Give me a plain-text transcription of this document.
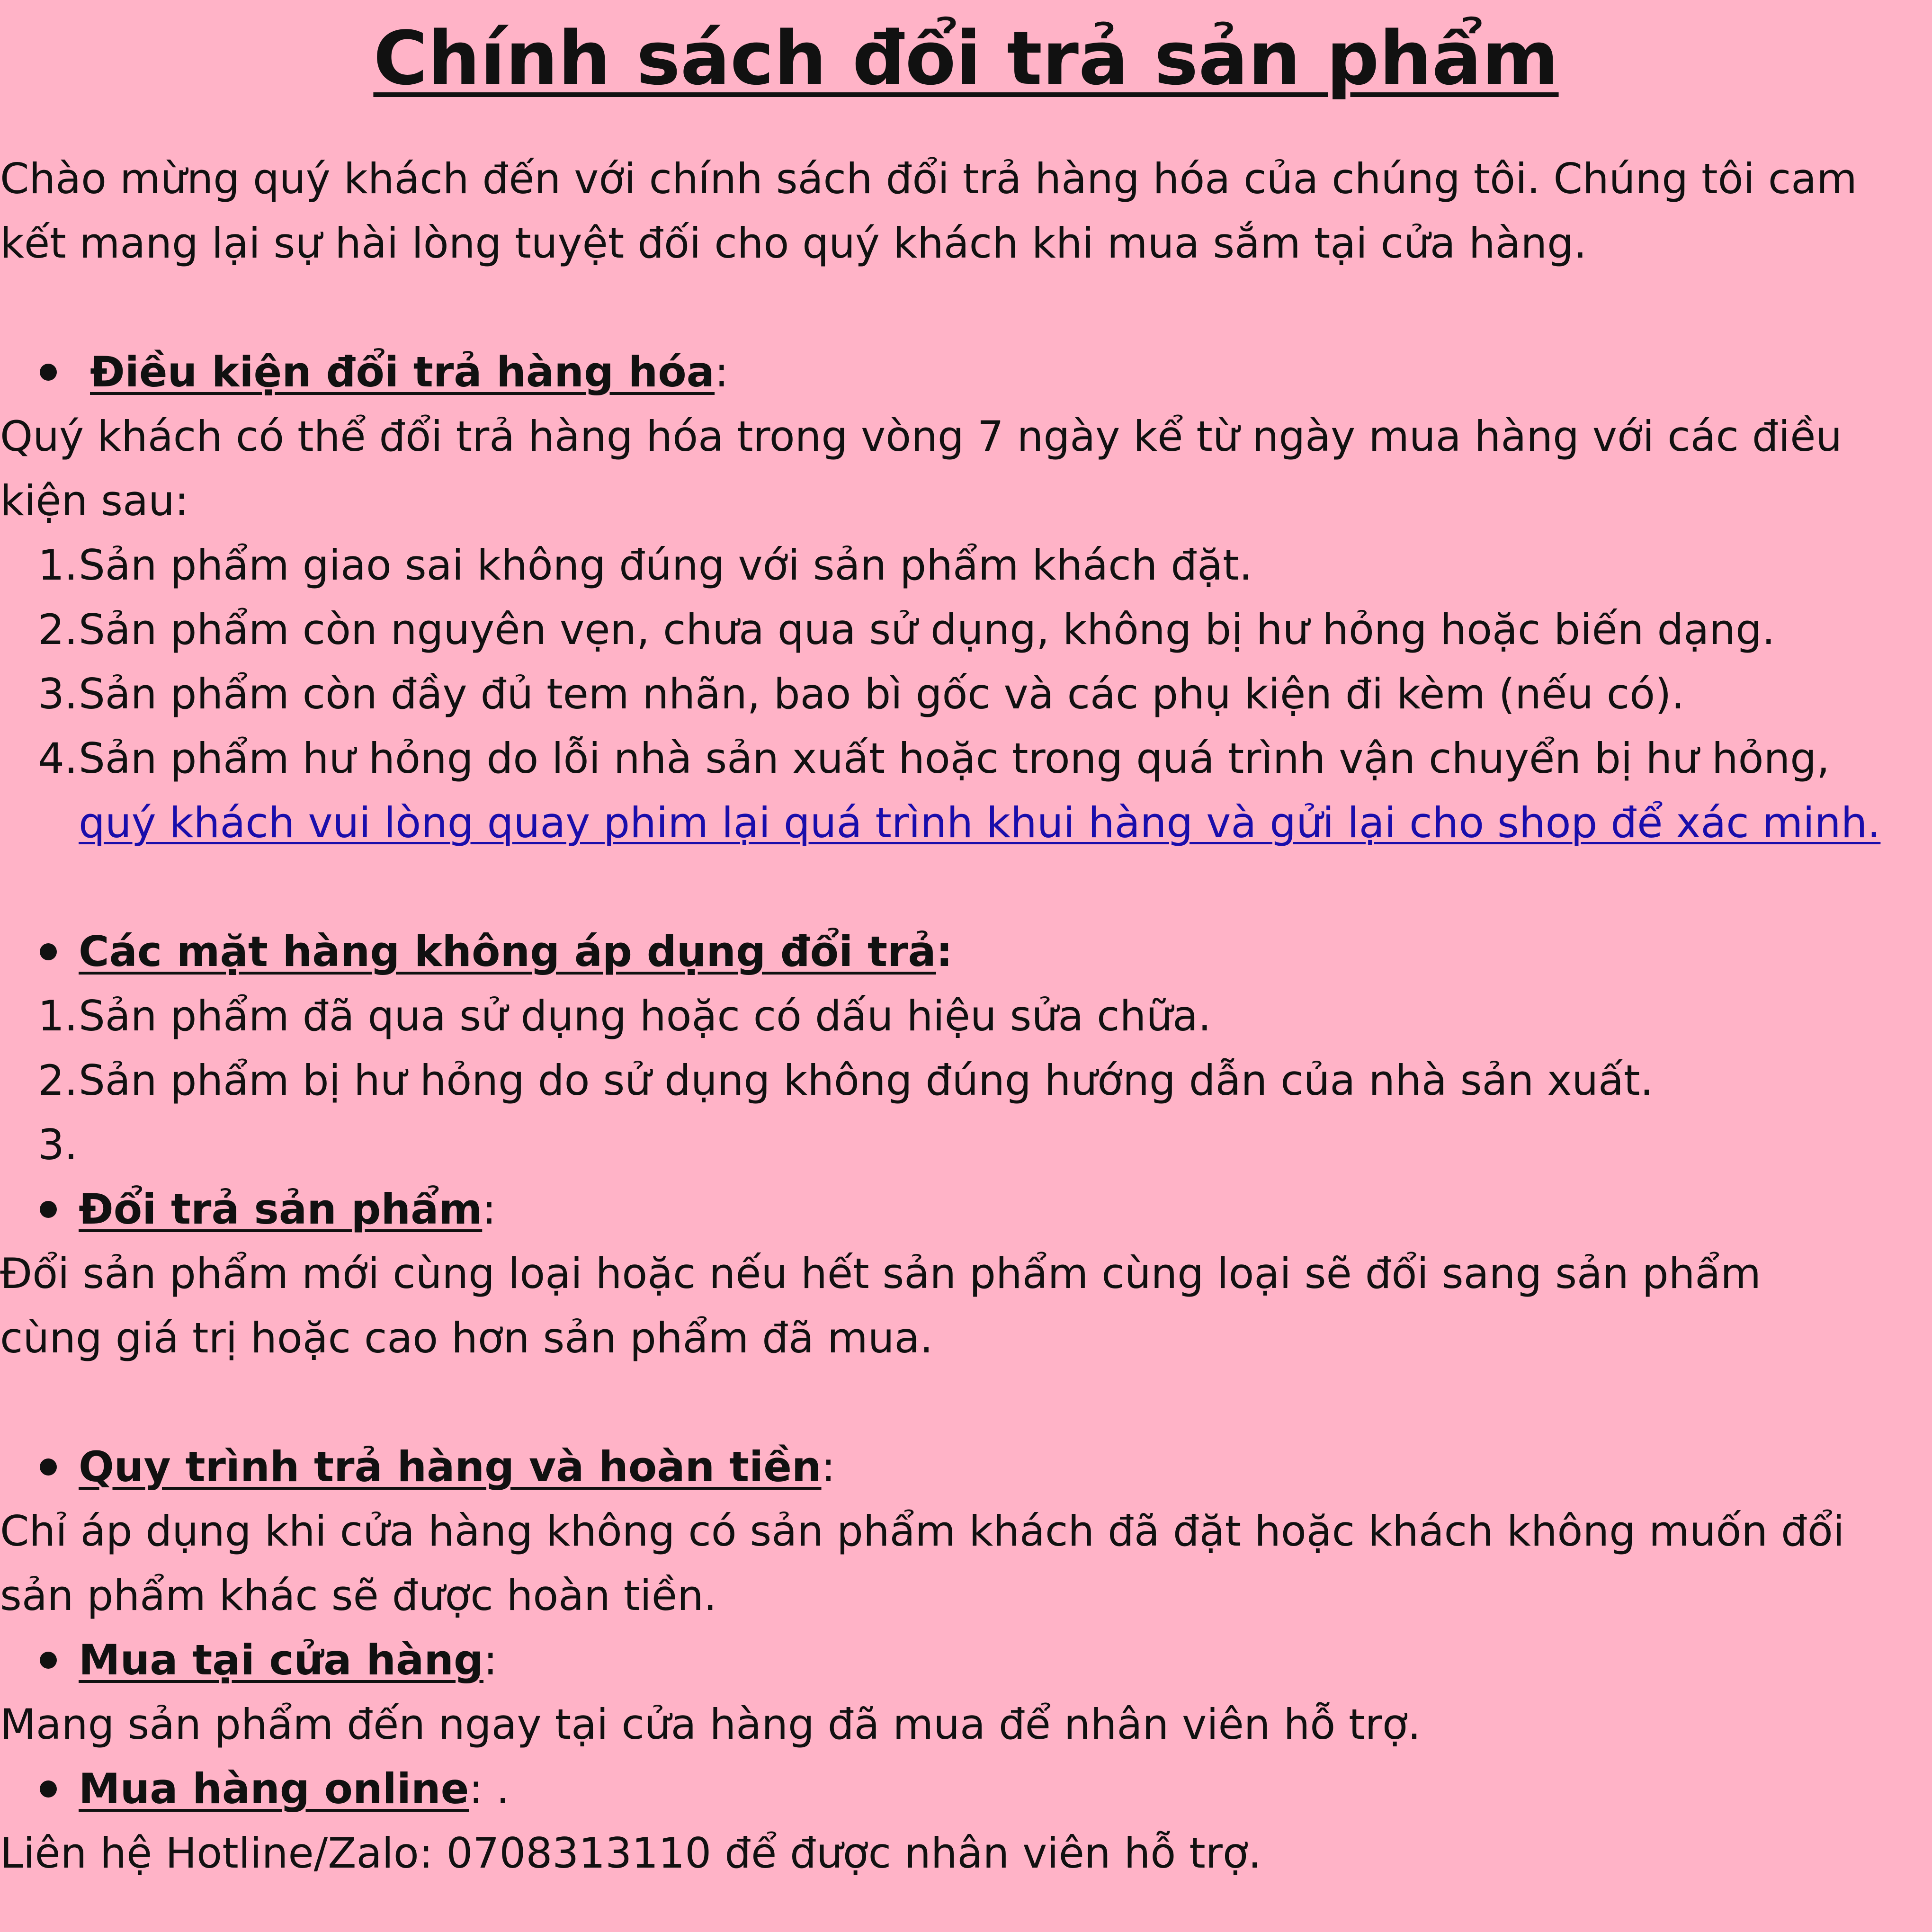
Chính sách đổi trả sản phẩm

Chào mừng quý khách đến với chính sách đổi trả hàng hóa của chúng tôi. Chúng tôi cam

kết mang lại sự hài lòng tuyệt đối cho quý khách khi mua sắm tại cửa hàng.

Điều kiện đổi trả hàng hóa:

Quý khách có thể đổi trả hàng hóa trong vòng 7 ngày kể từ ngày mua hàng với các điều

kiện sau:

1. Sản phẩm giao sai không đúng với sản phẩm khách đặt.
2. Sản phẩm còn nguyên vẹn, chưa qua sử dụng, không bị hư hỏng hoặc biến dạng.
3. Sản phẩm còn đầy đủ tem nhãn, bao bì gốc và các phụ kiện đi kèm (nếu có).
4. Sản phẩm hư hỏng do lỗi nhà sản xuất hoặc trong quá trình vận chuyển bị hư hỏng,
quý khách vui lòng quay phim lại quá trình khui hàng và gửi lại cho shop để xác minh.
Các mặt hàng không áp dụng đổi trả:
1. Sản phẩm đã qua sử dụng hoặc có dấu hiệu sửa chữa.
2. Sản phẩm bị hư hỏng do sử dụng không đúng hướng dẫn của nhà sản xuất.
3.
Đổi trả sản phẩm:

Đổi sản phẩm mới cùng loại hoặc nếu hết sản phẩm cùng loại sẽ đổi sang sản phẩm

cùng giá trị hoặc cao hơn sản phẩm đã mua.

Quy trình trả hàng và hoàn tiền:

Chỉ áp dụng khi cửa hàng không có sản phẩm khách đã đặt hoặc khách không muốn đổi

sản phẩm khác sẽ được hoàn tiền.

Mua tại cửa hàng:

Mang sản phẩm đến ngay tại cửa hàng đã mua để nhân viên hỗ trợ.

Mua hàng online: .

Liên hệ Hotline/Zalo: 0708313110 để được nhân viên hỗ trợ.
